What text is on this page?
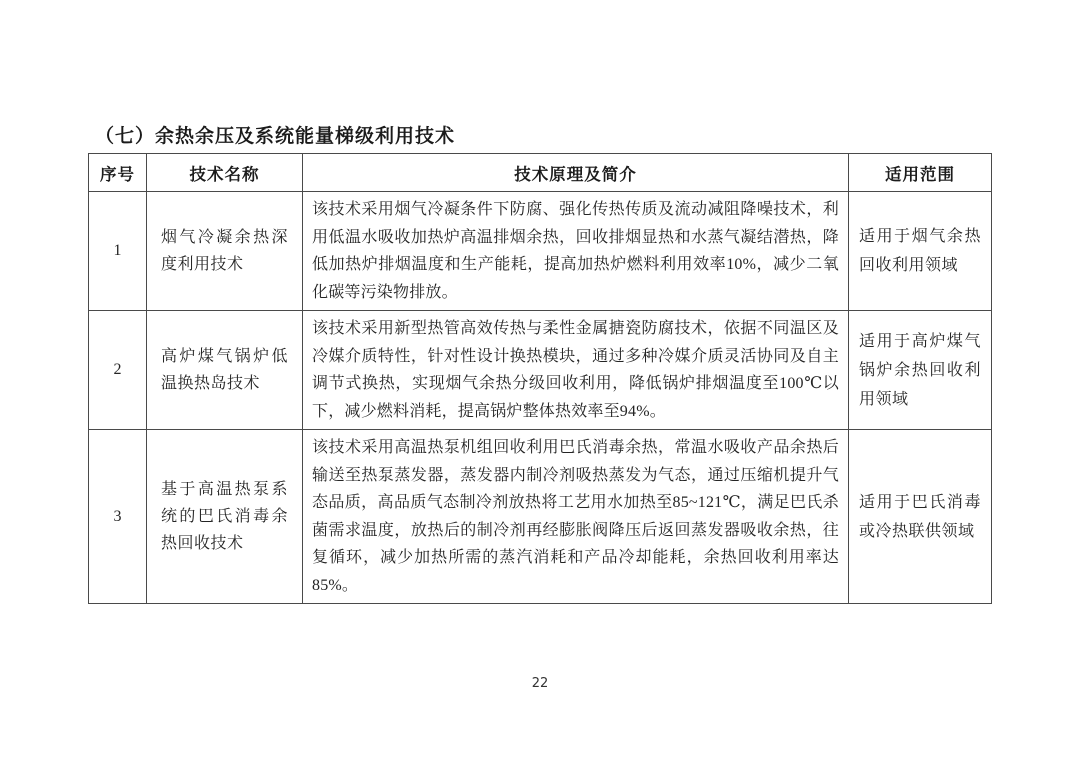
（七）余热余压及系统能量梯级利用技术
序号	技术名称	技术原理及简介	适用范围
1	烟气冷凝余热深度利用技术	该技术采用烟气冷凝条件下防腐、强化传热传质及流动减阻降噪技术，利用低温水吸收加热炉高温排烟余热，回收排烟显热和水蒸气凝结潜热，降低加热炉排烟温度和生产能耗，提高加热炉燃料利用效率10%，减少二氧化碳等污染物排放。	适用于烟气余热回收利用领域
2	高炉煤气锅炉低温换热岛技术	该技术采用新型热管高效传热与柔性金属搪瓷防腐技术，依据不同温区及冷媒介质特性，针对性设计换热模块，通过多种冷媒介质灵活协同及自主调节式换热，实现烟气余热分级回收利用，降低锅炉排烟温度至100℃以下，减少燃料消耗，提高锅炉整体热效率至94%。	适用于高炉煤气锅炉余热回收利用领域
3	基于高温热泵系统的巴氏消毒余热回收技术	该技术采用高温热泵机组回收利用巴氏消毒余热，常温水吸收产品余热后输送至热泵蒸发器，蒸发器内制冷剂吸热蒸发为气态，通过压缩机提升气态品质，高品质气态制冷剂放热将工艺用水加热至85~121℃，满足巴氏杀菌需求温度，放热后的制冷剂再经膨胀阀降压后返回蒸发器吸收余热，往复循环，减少加热所需的蒸汽消耗和产品冷却能耗，余热回收利用率达85%。	适用于巴氏消毒或冷热联供领域
22
